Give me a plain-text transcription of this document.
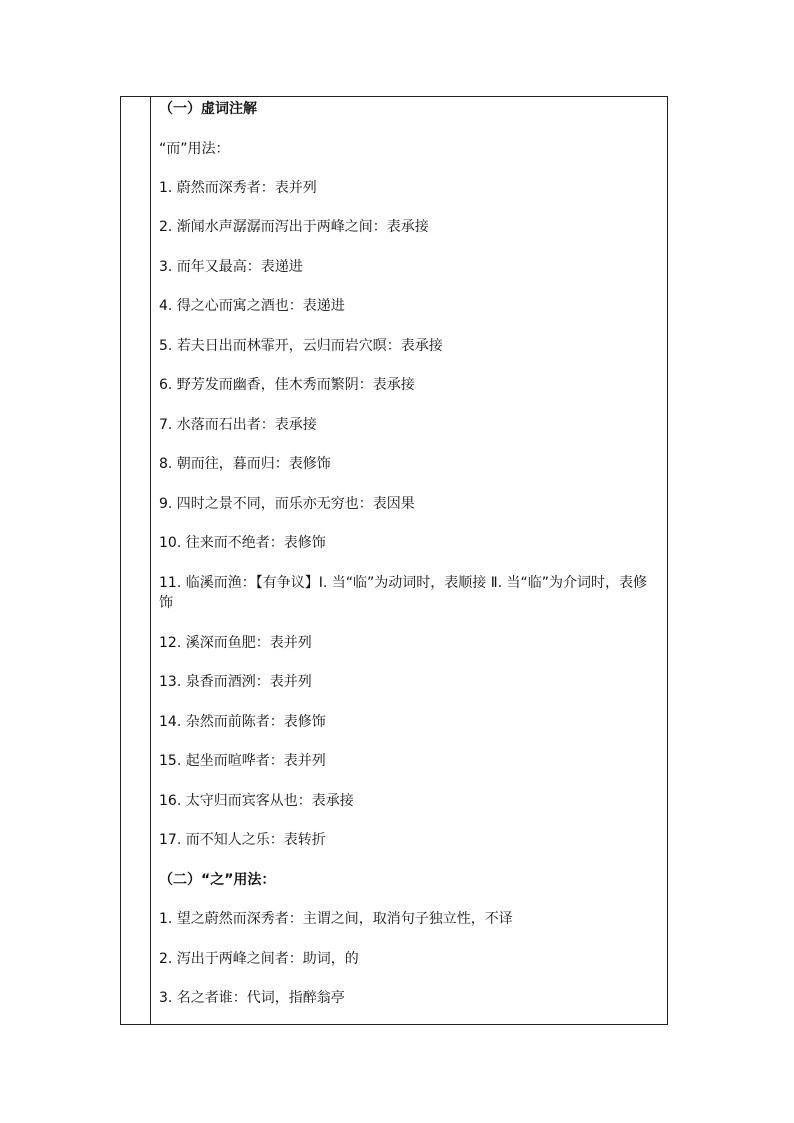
（一）虚词注解
“而”用法：
1. 蔚然而深秀者：表并列
2. 渐闻水声潺潺而泻出于两峰之间：表承接
3. 而年又最高：表递进
4. 得之心而寓之酒也：表递进
5. 若夫日出而林霏开，云归而岩穴暝：表承接
6. 野芳发而幽香，佳木秀而繁阴：表承接
7. 水落而石出者：表承接
8. 朝而往，暮而归：表修饰
9. 四时之景不同，而乐亦无穷也：表因果
10. 往来而不绝者：表修饰
11. 临溪而渔：【有争议】Ⅰ. 当“临”为动词时，表顺接 Ⅱ. 当“临”为介词时，表修饰
12. 溪深而鱼肥：表并列
13. 泉香而酒洌：表并列
14. 杂然而前陈者：表修饰
15. 起坐而喧哗者：表并列
16. 太守归而宾客从也：表承接
17. 而不知人之乐：表转折
（二）“之”用法：
1. 望之蔚然而深秀者：主谓之间，取消句子独立性，不译
2. 泻出于两峰之间者：助词，的
3. 名之者谁：代词，指醉翁亭
